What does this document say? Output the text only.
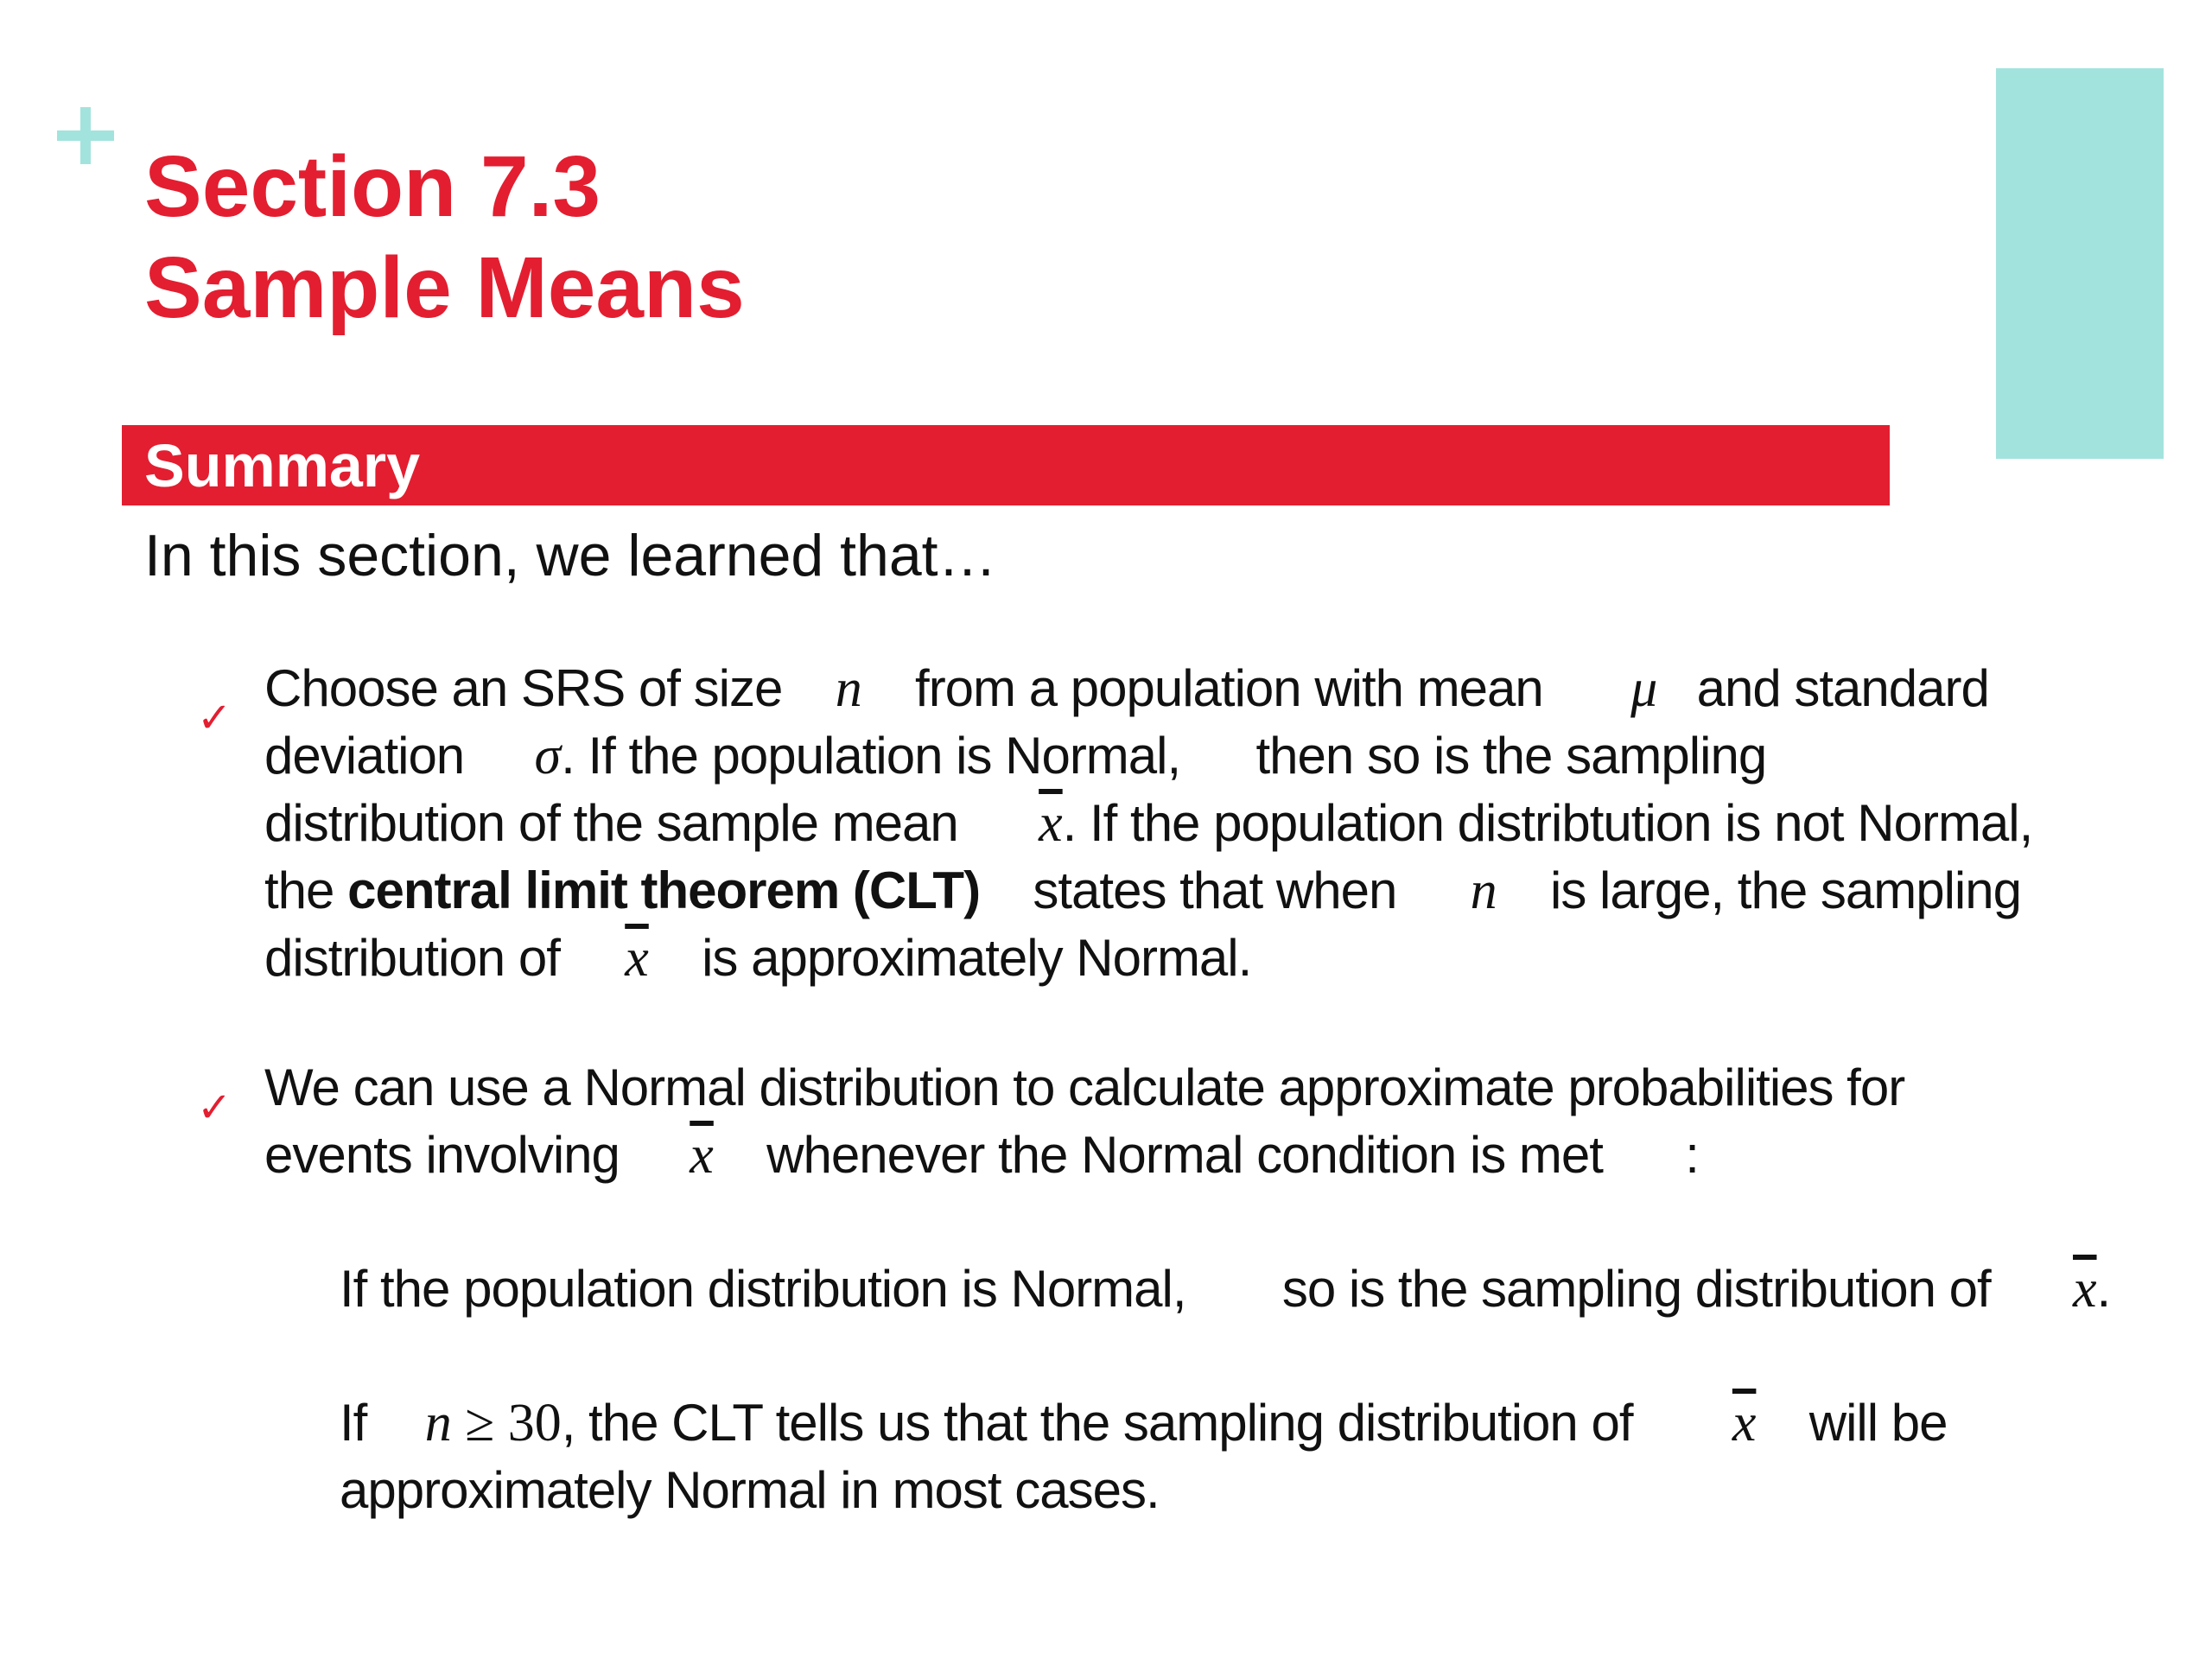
Section 7.3
Sample Means
Summary
In this section, we learned that…
✓
Choose an SRS of size n from a population with mean μ and standard
deviation σ. If the population is Normal, then so is the sampling
distribution of the sample mean $\overline{x}$. If the population distribtution is not Normal,
the central limit theorem (CLT) states that when n is large, the sampling
distribution of $\overline{x}$ is approximately Normal.
✓ We can use a Normal distribution to calculate approximate probabilities for
events involving $\overline{x}$ whenever the Normal condition is met :
If the population distribution is Normal, so is the sampling distribution of $\overline{x}$.
If n ≥ 30, the CLT tells us that the sampling distribution of $\overline{x}$ will be
approximately Normal in most cases.
